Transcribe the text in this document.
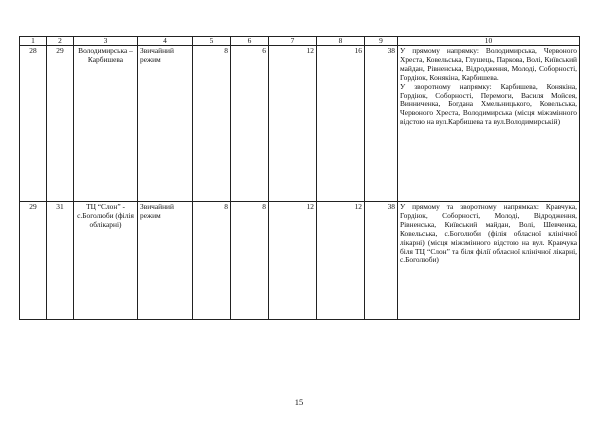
1	2	3	4	5	6	7	8	9	10
28	29	Володимирська – Карбишева	Звичайний режим	8	6	12	16	38	У прямому напрямку: Володимирська, Червоного Хреста, Ковельська, Глушець, Паркова, Волі, Київський майдан, Рівненська, Відродження, Молоді, Соборності, Гордіюк, Конякіна, Карбишева.
У зворотному напрямку: Карбишева, Конякіна, Гордіюк, Соборності, Перемоги, Василя Мойсея, Винниченка, Богдана Хмельницького, Ковельська, Червоного Хреста, Володимирська (місця міжзмінного відстою на вул.Карбишева та вул.Володимирській)

29	31	ТЦ “Слон” - с.Боголюби (філія облікарні)	Звичайний режим	8	8	12	12	38	У прямому та зворотному напрямках: Кравчука, Гордіюк, Соборності, Молоді, Відродження, Рівненська, Київський майдан, Волі, Шевченка, Ковельська, с.Боголюби (філія обласної клінічної лікарні) (місця міжзмінного відстою на вул. Кравчука біля ТЦ “Слон” та біля філії обласної клінічної лікарні, с.Боголюби)
15
